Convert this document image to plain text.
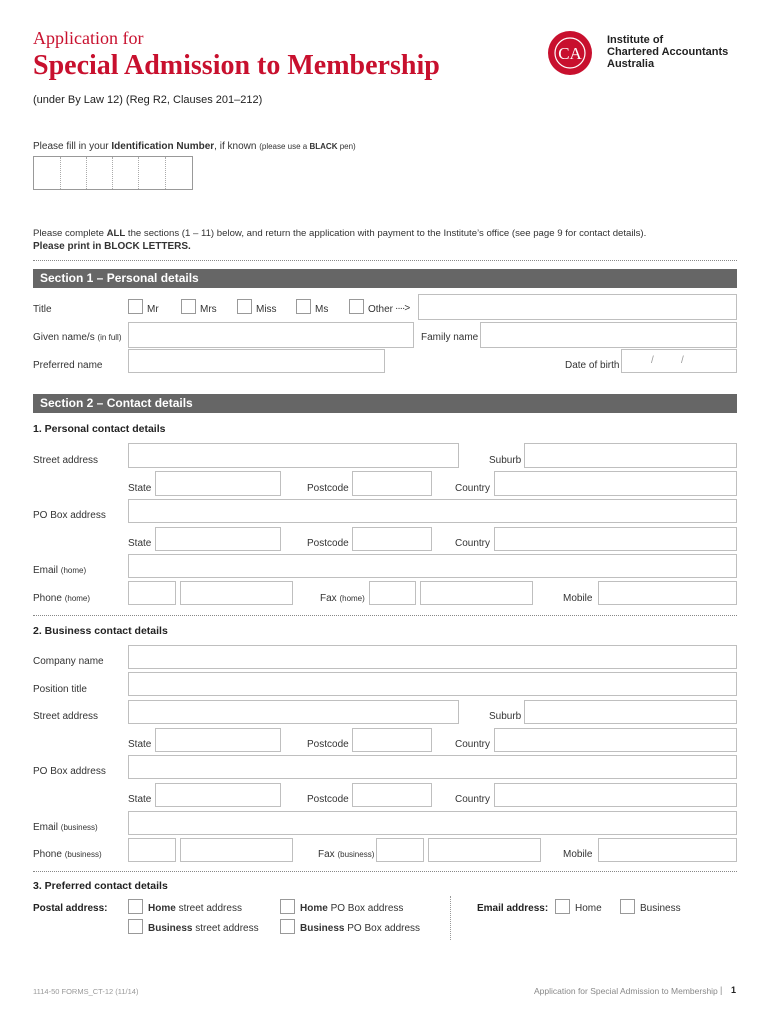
Application for
Special Admission to Membership
(under By Law 12) (Reg R2, Clauses 201–212)
CA
Institute of
Chartered Accountants
Australia
Please fill in your Identification Number, if known (please use a BLACK pen)
Please complete ALL the sections (1 – 11) below, and return the application with payment to the Institute’s office (see page 9 for contact details).
Please print in BLOCK LETTERS.
Section 1 – Personal details
Title	Mr	Mrs	Miss	Ms	Other ····>
Given name/s (in full)	Family name
Preferred name	Date of birth	/	/
Section 2 – Contact details
1. Personal contact details
Street address	Suburb
State	Postcode	Country
PO Box address
State	Postcode	Country
Email (home)
Phone (home)	Fax (home)	Mobile
2. Business contact details
Company name
Position title
Street address	Suburb
State	Postcode	Country
PO Box address
State	Postcode	Country
Email (business)
Phone (business)	Fax (business)	Mobile
3. Preferred contact details
Postal address:	Home street address	Home PO Box address
Business street address	Business PO Box address
Email address:	Home	Business
1114-50 FORMS_CT-12 (11/14)	Application for Special Admission to Membership | 1
